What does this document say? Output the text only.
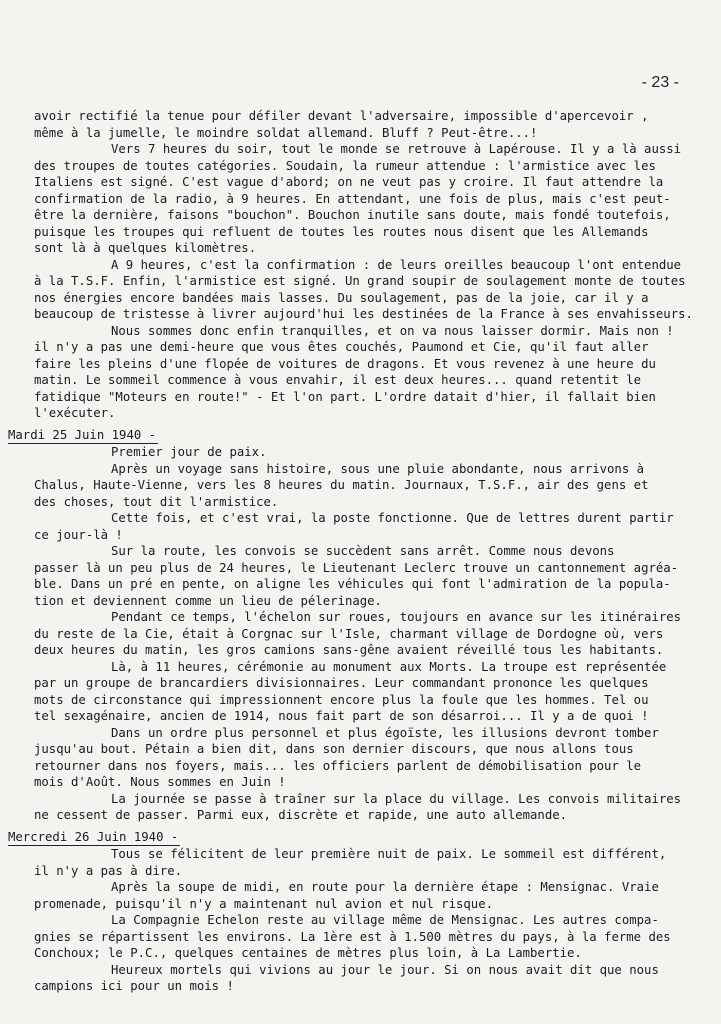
- 23 -
avoir rectifié la tenue pour défiler devant l'adversaire, impossible d'apercevoir ,
même à la jumelle, le moindre soldat allemand. Bluff ? Peut-être...!
Vers 7 heures du soir, tout le monde se retrouve à Lapérouse. Il y a là aussi
des troupes de toutes catégories. Soudain, la rumeur attendue : l'armistice avec les
Italiens est signé. C'est vague d'abord; on ne veut pas y croire. Il faut attendre la
confirmation de la radio, à 9 heures. En attendant, une fois de plus, mais c'est peut-
être la dernière, faisons "bouchon". Bouchon inutile sans doute, mais fondé toutefois,
puisque les troupes qui refluent de toutes les routes nous disent que les Allemands
sont là à quelques kilomètres.
A 9 heures, c'est la confirmation : de leurs oreilles beaucoup l'ont entendue
à la T.S.F. Enfin, l'armistice est signé. Un grand soupir de soulagement monte de toutes
nos énergies encore bandées mais lasses. Du soulagement, pas de la joie, car il y a
beaucoup de tristesse à livrer aujourd'hui les destinées de la France à ses envahisseurs.
Nous sommes donc enfin tranquilles, et on va nous laisser dormir. Mais non !
il n'y a pas une demi-heure que vous êtes couchés, Paumond et Cie, qu'il faut aller
faire les pleins d'une flopée de voitures de dragons. Et vous revenez à une heure du
matin. Le sommeil commence à vous envahir, il est deux heures... quand retentit le
fatidique "Moteurs en route!" - Et l'on part. L'ordre datait d'hier, il fallait bien
l'exécuter.
Mardi 25 Juin 1940 -
Premier jour de paix.
Après un voyage sans histoire, sous une pluie abondante, nous arrivons à
Chalus, Haute-Vienne, vers les 8 heures du matin. Journaux, T.S.F., air des gens et
des choses, tout dit l'armistice.
Cette fois, et c'est vrai, la poste fonctionne. Que de lettres durent partir
ce jour-là !
Sur la route, les convois se succèdent sans arrêt. Comme nous devons
passer là un peu plus de 24 heures, le Lieutenant Leclerc trouve un cantonnement agréa-
ble. Dans un pré en pente, on aligne les véhicules qui font l'admiration de la popula-
tion et deviennent comme un lieu de pélerinage.
Pendant ce temps, l'échelon sur roues, toujours en avance sur les itinéraires
du reste de la Cie, était à Corgnac sur l'Isle, charmant village de Dordogne où, vers
deux heures du matin, les gros camions sans-gêne avaient réveillé tous les habitants.
Là, à 11 heures, cérémonie au monument aux Morts. La troupe est représentée
par un groupe de brancardiers divisionnaires. Leur commandant prononce les quelques
mots de circonstance qui impressionnent encore plus la foule que les hommes. Tel ou
tel sexagénaire, ancien de 1914, nous fait part de son désarroi... Il y a de quoi !
Dans un ordre plus personnel et plus égoïste, les illusions devront tomber
jusqu'au bout. Pétain a bien dit, dans son dernier discours, que nous allons tous
retourner dans nos foyers, mais... les officiers parlent de démobilisation pour le
mois d'Août. Nous sommes en Juin !
La journée se passe à traîner sur la place du village. Les convois militaires
ne cessent de passer. Parmi eux, discrète et rapide, une auto allemande.
Mercredi 26 Juin 1940 -
Tous se félicitent de leur première nuit de paix. Le sommeil est différent,
il n'y a pas à dire.
Après la soupe de midi, en route pour la dernière étape : Mensignac. Vraie
promenade, puisqu'il n'y a maintenant nul avion et nul risque.
La Compagnie Echelon reste au village même de Mensignac. Les autres compa-
gnies se répartissent les environs. La 1ère est à 1.500 mètres du pays, à la ferme des
Conchoux; le P.C., quelques centaines de mètres plus loin, à La Lambertie.
Heureux mortels qui vivions au jour le jour. Si on nous avait dit que nous
campions ici pour un mois !
